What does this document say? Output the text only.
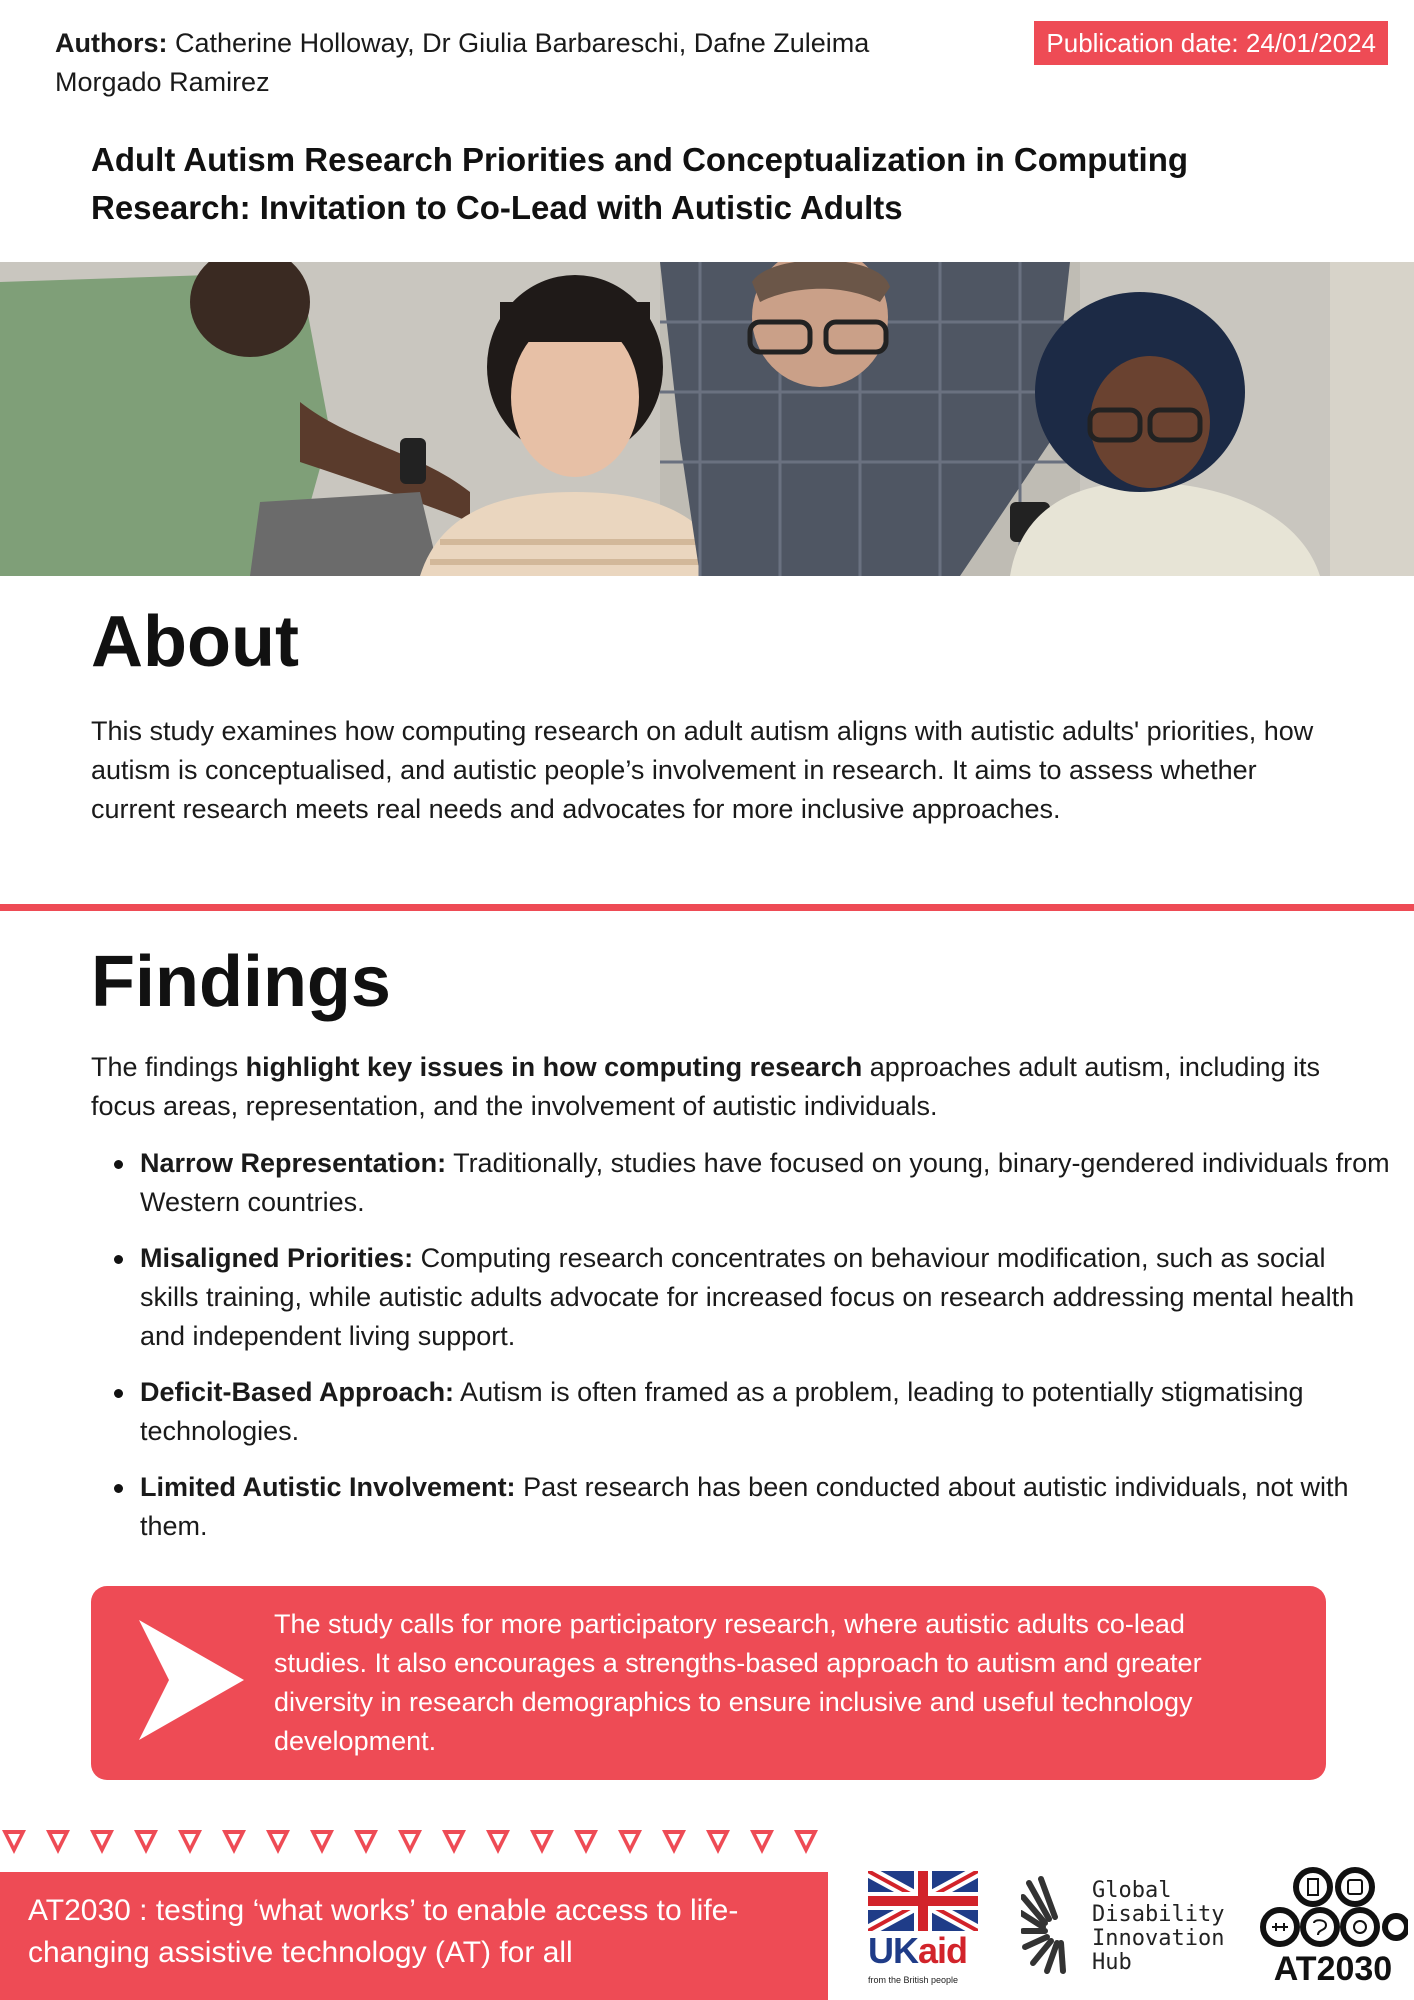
Authors: Catherine Holloway, Dr Giulia Barbareschi, Dafne Zuleima Morgado Ramirez
Publication date: 24/01/2024
Adult Autism Research Priorities and Conceptualization in Computing Research: Invitation to Co-Lead with Autistic Adults
About

This study examines how computing research on adult autism aligns with autistic adults' priorities, how autism is conceptualised, and autistic people’s involvement in research. It aims to assess whether current research meets real needs and advocates for more inclusive approaches.

Findings

The findings highlight key issues in how computing research approaches adult autism, including its focus areas, representation, and the involvement of autistic individuals.

Narrow Representation: Traditionally, studies have focused on young, binary-gendered individuals from Western countries.
Misaligned Priorities: Computing research concentrates on behaviour modification, such as social skills training, while autistic adults advocate for increased focus on research addressing mental health and independent living support.
Deficit-Based Approach: Autism is often framed as a problem, leading to potentially stigmatising technologies.
Limited Autistic Involvement: Past research has been conducted about autistic individuals, not with them.

The study calls for more participatory research, where autistic adults co-lead studies. It also encourages a strengths-based approach to autism and greater diversity in research demographics to ensure inclusive and useful technology development.

AT2030 : testing ‘what works’ to enable access to life-changing assistive technology (AT) for all	UKaid
from the British people
Global
Disability
Innovation
Hub	AT2030
